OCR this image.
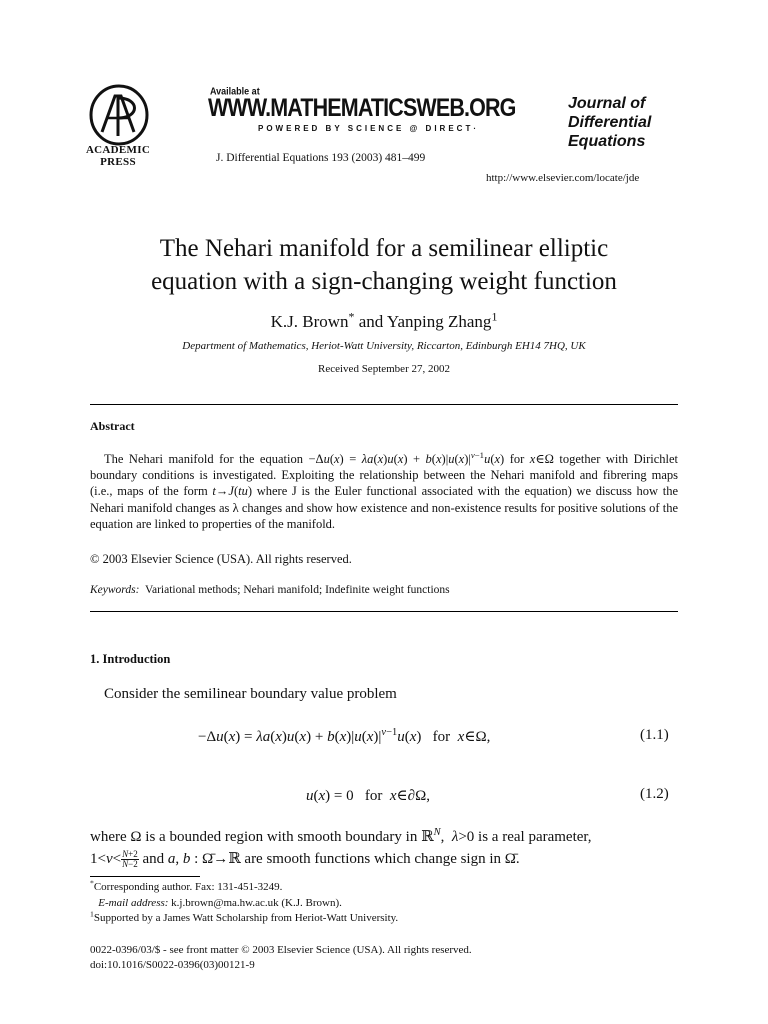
ACADEMIC
PRESS
Available at
WWW.MATHEMATICSWEB.ORG
POWERED BY SCIENCE @ DIRECT·
J. Differential Equations 193 (2003) 481–499
Journal of
Differential
Equations
http://www.elsevier.com/locate/jde
The Nehari manifold for a semilinear elliptic
equation with a sign-changing weight function
K.J. Brown* and Yanping Zhang$^1$
Department of Mathematics, Heriot-Watt University, Riccarton, Edinburgh EH14 7HQ, UK
Received September 27, 2002
Abstract

The Nehari manifold for the equation $-\Delta u(x) = \lambda a(x)u(x) + b(x)|u(x)|^{v-1}u(x)$ for x∈Ω together with Dirichlet boundary conditions is investigated. Exploiting the relationship between the Nehari manifold and fibrering maps (i.e., maps of the form t→J(tu) where J is the Euler functional associated with the equation) we discuss how the Nehari manifold changes as λ changes and show how existence and non-existence results for positive solutions of the equation are linked to properties of the manifold.

© 2003 Elsevier Science (USA). All rights reserved.
Keywords: Variational methods; Nehari manifold; Indefinite weight functions
1. Introduction
Consider the semilinear boundary value problem
$-\Delta u(x) = \lambda a(x)u(x) + b(x)|u(x)|^{v-1}u(x)$   for  x∈Ω,	(1.1)
u(x) = 0   for  x∈∂Ω,	(1.2)
where Ω is a bounded region with smooth boundary in ℝ$^N$,  λ>0 is a real parameter,
$1<v< \frac{N+2}{N-2}$ and a, b : Ω̄→ℝ are smooth functions which change sign in Ω̄.
*Corresponding author. Fax: 131-451-3249.
E-mail address: k.j.brown@ma.hw.ac.uk (K.J. Brown).
$^1$Supported by a James Watt Scholarship from Heriot-Watt University.
0022-0396/03/$ - see front matter © 2003 Elsevier Science (USA). All rights reserved.
doi:10.1016/S0022-0396(03)00121-9
